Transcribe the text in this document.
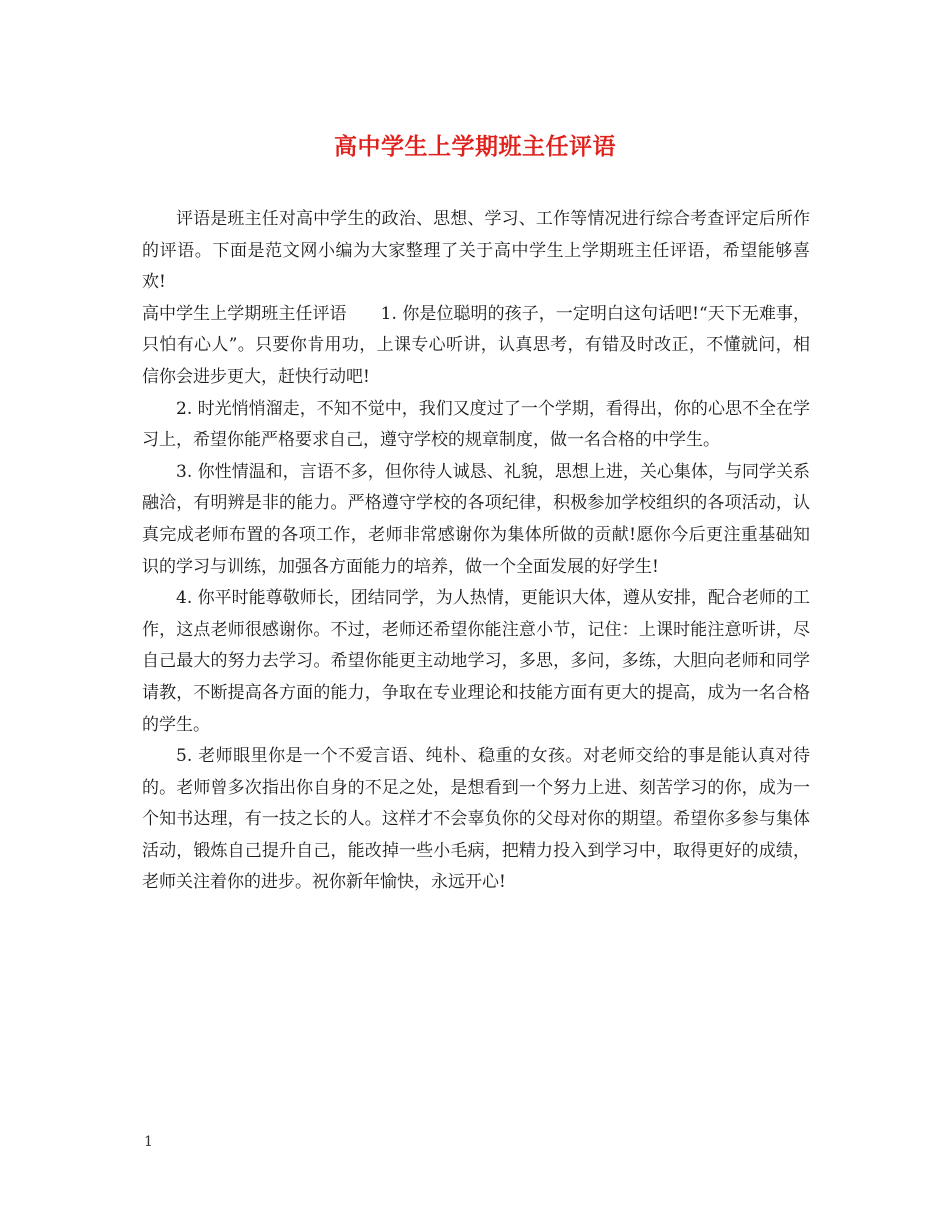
高中学生上学期班主任评语

评语是班主任对高中学生的政治、思想、学习、工作等情况进行综合考查评定后所作的评语。下面是范文网小编为大家整理了关于高中学生上学期班主任评语，希望能够喜欢!

高中学生上学期班主任评语　　1. 你是位聪明的孩子，一定明白这句话吧!“天下无难事，只怕有心人”。只要你肯用功，上课专心听讲，认真思考，有错及时改正，不懂就问，相信你会进步更大，赶快行动吧!

2. 时光悄悄溜走，不知不觉中，我们又度过了一个学期，看得出，你的心思不全在学习上，希望你能严格要求自己，遵守学校的规章制度，做一名合格的中学生。

3. 你性情温和，言语不多，但你待人诚恳、礼貌，思想上进，关心集体，与同学关系融洽，有明辨是非的能力。严格遵守学校的各项纪律，积极参加学校组织的各项活动，认真完成老师布置的各项工作，老师非常感谢你为集体所做的贡献!愿你今后更注重基础知识的学习与训练，加强各方面能力的培养，做一个全面发展的好学生!

4. 你平时能尊敬师长，团结同学，为人热情，更能识大体，遵从安排，配合老师的工作，这点老师很感谢你。不过，老师还希望你能注意小节，记住：上课时能注意听讲，尽自己最大的努力去学习。希望你能更主动地学习，多思，多问，多练，大胆向老师和同学请教，不断提高各方面的能力，争取在专业理论和技能方面有更大的提高，成为一名合格的学生。

5. 老师眼里你是一个不爱言语、纯朴、稳重的女孩。对老师交给的事是能认真对待的。老师曾多次指出你自身的不足之处，是想看到一个努力上进、刻苦学习的你，成为一个知书达理，有一技之长的人。这样才不会辜负你的父母对你的期望。希望你多参与集体活动，锻炼自己提升自己，能改掉一些小毛病，把精力投入到学习中，取得更好的成绩，老师关注着你的进步。祝你新年愉快，永远开心!

1
